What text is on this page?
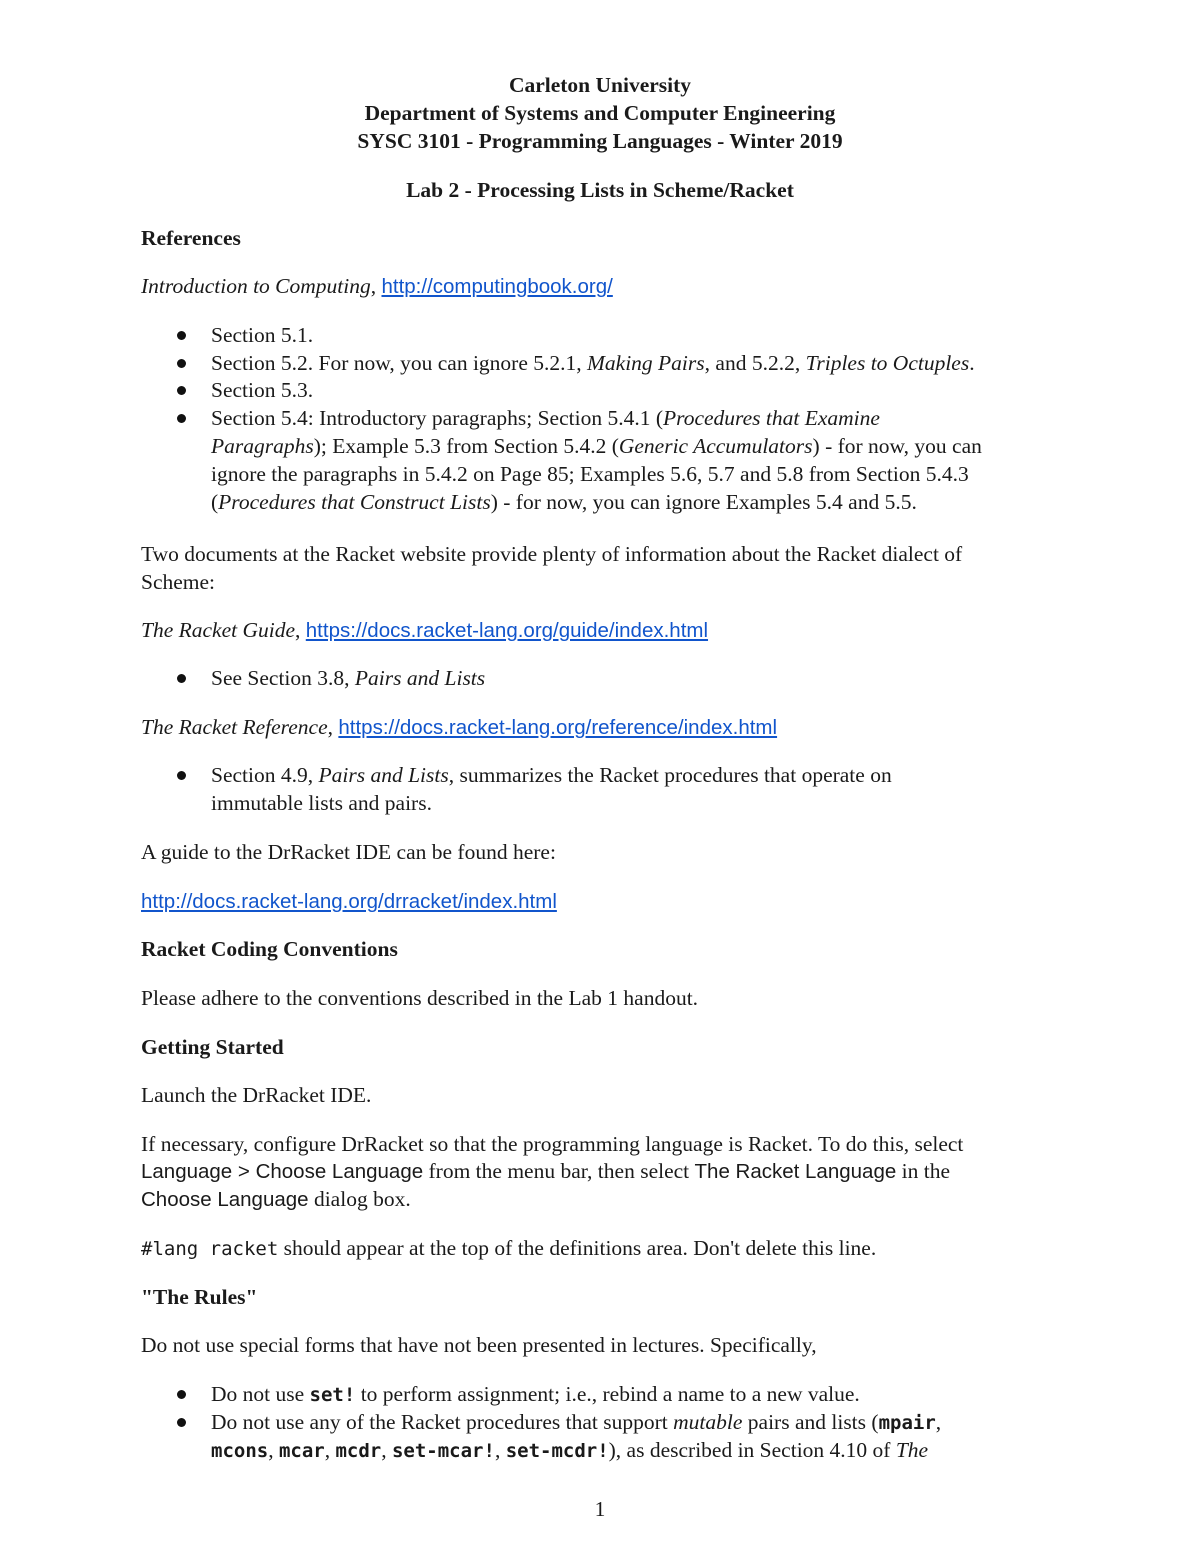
Carleton University
Department of Systems and Computer Engineering
SYSC 3101 - Programming Languages - Winter 2019
Lab 2 - Processing Lists in Scheme/Racket
References
Introduction to Computing, http://computingbook.org/
Section 5.1.
Section 5.2. For now, you can ignore 5.2.1, Making Pairs, and 5.2.2, Triples to Octuples.
Section 5.3.
Section 5.4: Introductory paragraphs; Section 5.4.1 (Procedures that Examine
Paragraphs); Example 5.3 from Section 5.4.2 (Generic Accumulators) - for now, you can
ignore the paragraphs in 5.4.2 on Page 85; Examples 5.6, 5.7 and 5.8 from Section 5.4.3
(Procedures that Construct Lists) - for now, you can ignore Examples 5.4 and 5.5.
Two documents at the Racket website provide plenty of information about the Racket dialect of
Scheme:
The Racket Guide, https://docs.racket-lang.org/guide/index.html
See Section 3.8, Pairs and Lists
The Racket Reference, https://docs.racket-lang.org/reference/index.html
Section 4.9, Pairs and Lists, summarizes the Racket procedures that operate on
immutable lists and pairs.
A guide to the DrRacket IDE can be found here:
http://docs.racket-lang.org/drracket/index.html
Racket Coding Conventions
Please adhere to the conventions described in the Lab 1 handout.
Getting Started
Launch the DrRacket IDE.
If necessary, configure DrRacket so that the programming language is Racket. To do this, select
Language > Choose Language from the menu bar, then select The Racket Language in the
Choose Language dialog box.
#lang racket should appear at the top of the definitions area. Don't delete this line.
"The Rules"
Do not use special forms that have not been presented in lectures. Specifically,
Do not use set! to perform assignment; i.e., rebind a name to a new value.
Do not use any of the Racket procedures that support mutable pairs and lists (mpair,
mcons, mcar, mcdr, set-mcar!, set-mcdr!), as described in Section 4.10 of The
1
